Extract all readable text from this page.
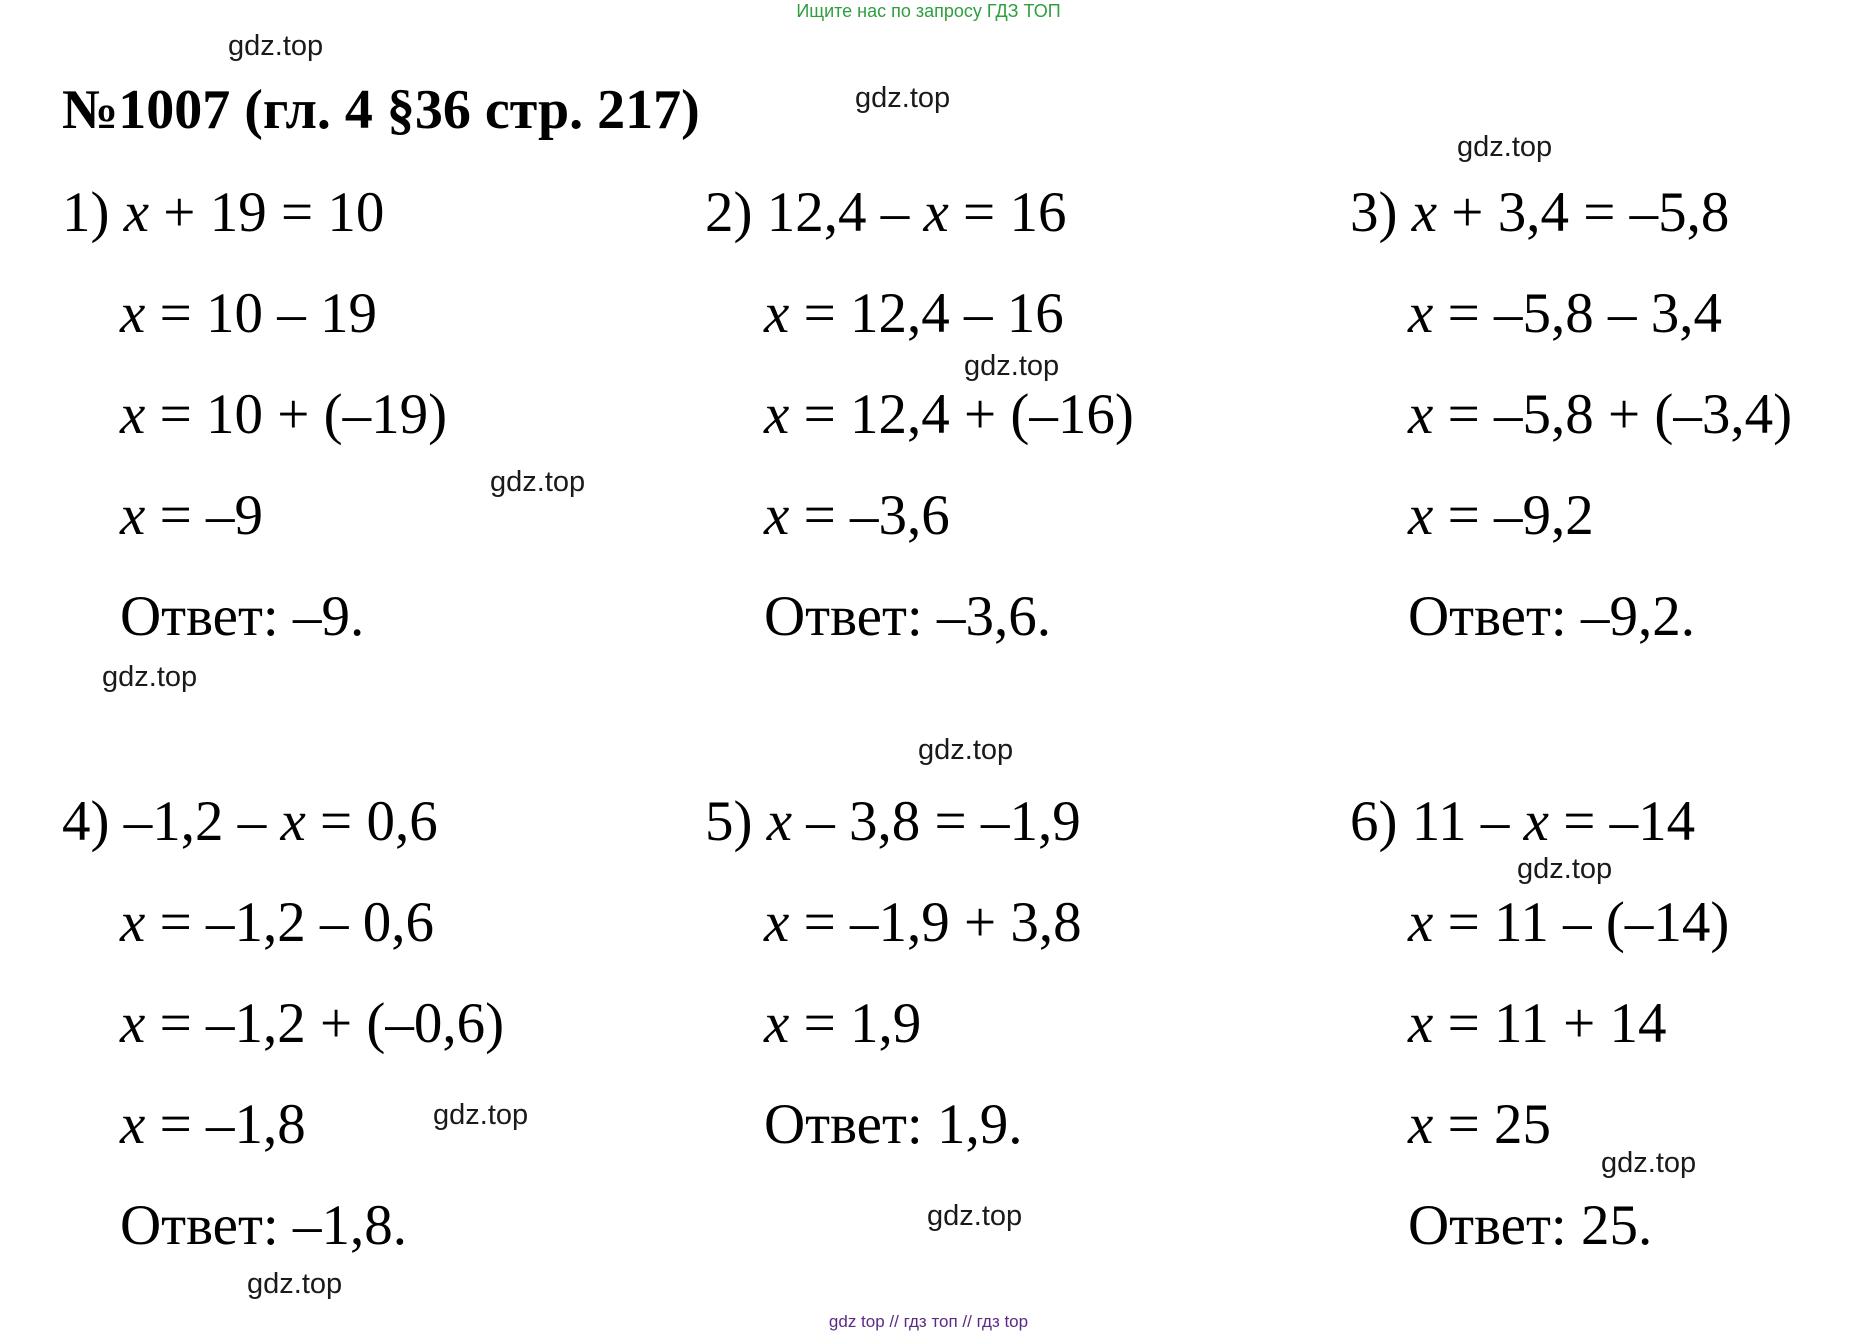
Ищите нас по запросу ГДЗ ТОП
№1007 (гл. 4 §36 стр. 217)
1) x + 19 = 10
x = 10 – 19
x = 10 + (–19)
x = –9
Ответ: –9.
2) 12,4 – x = 16
x = 12,4 – 16
x = 12,4 + (–16)
x = –3,6
Ответ: –3,6.
3) x + 3,4 = –5,8
x = –5,8 – 3,4
x = –5,8 + (–3,4)
x = –9,2
Ответ: –9,2.
4) –1,2 – x = 0,6
x = –1,2 – 0,6
x = –1,2 + (–0,6)
x = –1,8
Ответ: –1,8.
5) x – 3,8 = –1,9
x = –1,9 + 3,8
x = 1,9
Ответ: 1,9.
6) 11 – x = –14
x = 11 – (–14)
x = 11 + 14
x = 25
Ответ: 25.
gdz.top
gdz.top
gdz.top
gdz.top
gdz.top
gdz.top
gdz.top
gdz.top
gdz.top
gdz.top
gdz.top
gdz.top
gdz top // гдз топ // гдз top
